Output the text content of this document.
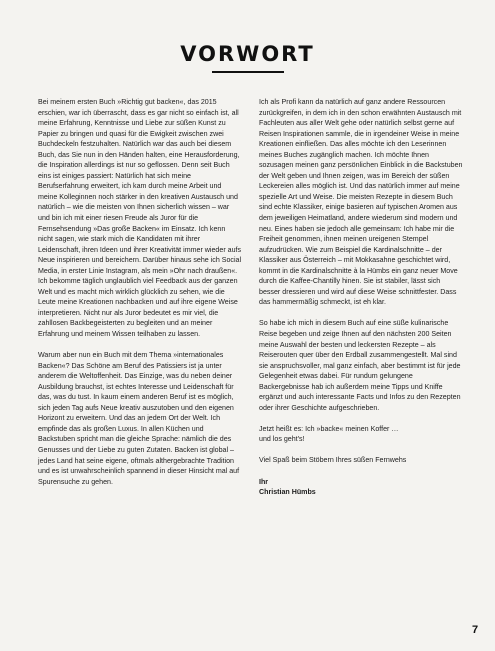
VORWORT

Bei meinem ersten Buch »Richtig gut backen«, das 2015 erschien, war ich überrascht, dass es gar nicht so einfach ist, all meine Erfahrung, Kenntnisse und Liebe zur süßen Kunst zu Papier zu bringen und quasi für die Ewigkeit zwischen zwei Buchdeckeln festzuhalten. Natürlich war das auch bei diesem Buch, das Sie nun in den Händen halten, eine Herausforderung, die Inspiration allerdings ist nur so geflossen. Denn seit Buch eins ist einiges passiert: Natürlich hat sich meine Berufserfahrung erweitert, ich kam durch meine Arbeit und meine Kolleginnen noch stärker in den kreativen Austausch und natürlich – wie die meisten von Ihnen sicherlich wissen – war und bin ich mit einer riesen Freude als Juror für die Fernsehsendung »Das große Backen« im Einsatz. Ich kenn nicht sagen, wie stark mich die Kandidaten mit ihrer Leidenschaft, ihren Ideen und ihrer Kreativität immer wieder aufs Neue inspirieren und bereichern. Darüber hinaus sehe ich Social Media, in erster Linie Instagram, als mein »Ohr nach draußen«. Ich bekomme täglich unglaublich viel Feedback aus der ganzen Welt und es macht mich wirklich glücklich zu sehen, wie die Leute meine Kreationen nachbacken und auf ihre eigene Weise interpretieren. Nicht nur als Juror bedeutet es mir viel, die zahllosen Backbegeisterten zu begleiten und an meiner Erfahrung und meinem Wissen teilhaben zu lassen.

Warum aber nun ein Buch mit dem Thema »internationales Backen«? Das Schöne am Beruf des Patissiers ist ja unter anderem die Weltoffenheit. Das Einzige, was du neben deiner Ausbildung brauchst, ist echtes Interesse und Leidenschaft für das, was du tust. In kaum einem anderen Beruf ist es möglich, sich jeden Tag aufs Neue kreativ auszutoben und den eigenen Horizont zu erweitern. Und das an jedem Ort der Welt. Ich empfinde das als großen Luxus. In allen Küchen und Backstuben spricht man die gleiche Sprache: nämlich die des Genusses und der Liebe zu guten Zutaten. Backen ist global – jedes Land hat seine eigene, oftmals althergebrachte Tradition und es ist unwahrscheinlich spannend in dieser Hinsicht mal auf Spurensuche zu gehen.

Ich als Profi kann da natürlich auf ganz andere Ressourcen zurückgreifen, in dem ich in den schon erwähnten Austausch mit Fachleuten aus aller Welt gehe oder natürlich selbst gerne auf Reisen Inspirationen sammle, die in irgendeiner Weise in meine Kreationen einfließen. Das alles möchte ich den Leserinnen meines Buches zugänglich machen. Ich möchte Ihnen sozusagen meinen ganz persönlichen Einblick in die Backstuben der Welt geben und Ihnen zeigen, was im Bereich der süßen Leckereien alles möglich ist. Und das natürlich immer auf meine spezielle Art und Weise. Die meisten Rezepte in diesem Buch sind echte Klassiker, einige basieren auf typischen Aromen aus dem jeweiligen Heimatland, andere wiederum sind modern und neu. Eines haben sie jedoch alle gemeinsam: Ich habe mir die Freiheit genommen, ihnen meinen ureigenen Stempel aufzudrücken. Wie zum Beispiel die Kardinalschnitte – der Klassiker aus Österreich – mit Mokkasahne geschichtet wird, kommt in die Kardinalschnitte à la Hümbs ein ganz neuer Move durch die Kaffee-Chantilly hinen. Sie ist stabiler, lässt sich besser dressieren und wird auf diese Weise schnittfester. Dass das hammermäßig schmeckt, ist eh klar.

So habe ich mich in diesem Buch auf eine süße kulinarische Reise begeben und zeige Ihnen auf den nächsten 200 Seiten meine Auswahl der besten und leckersten Rezepte – als Reiserouten quer über den Erdball zusammengestellt. Mal sind sie anspruchsvoller, mal ganz einfach, aber bestimmt ist für jede Gelegenheit etwas dabei. Für rundum gelungene Backergebnisse hab ich außerdem meine Tipps und Kniffe ergänzt und auch interessante Facts und Infos zu den Rezepten oder ihrer Geschichte aufgeschrieben.

Jetzt heißt es: Ich »backe« meinen Koffer …

und los geht's!

Viel Spaß beim Stöbern Ihres süßen Fernwehs

Ihr
Christian Hümbs

7
